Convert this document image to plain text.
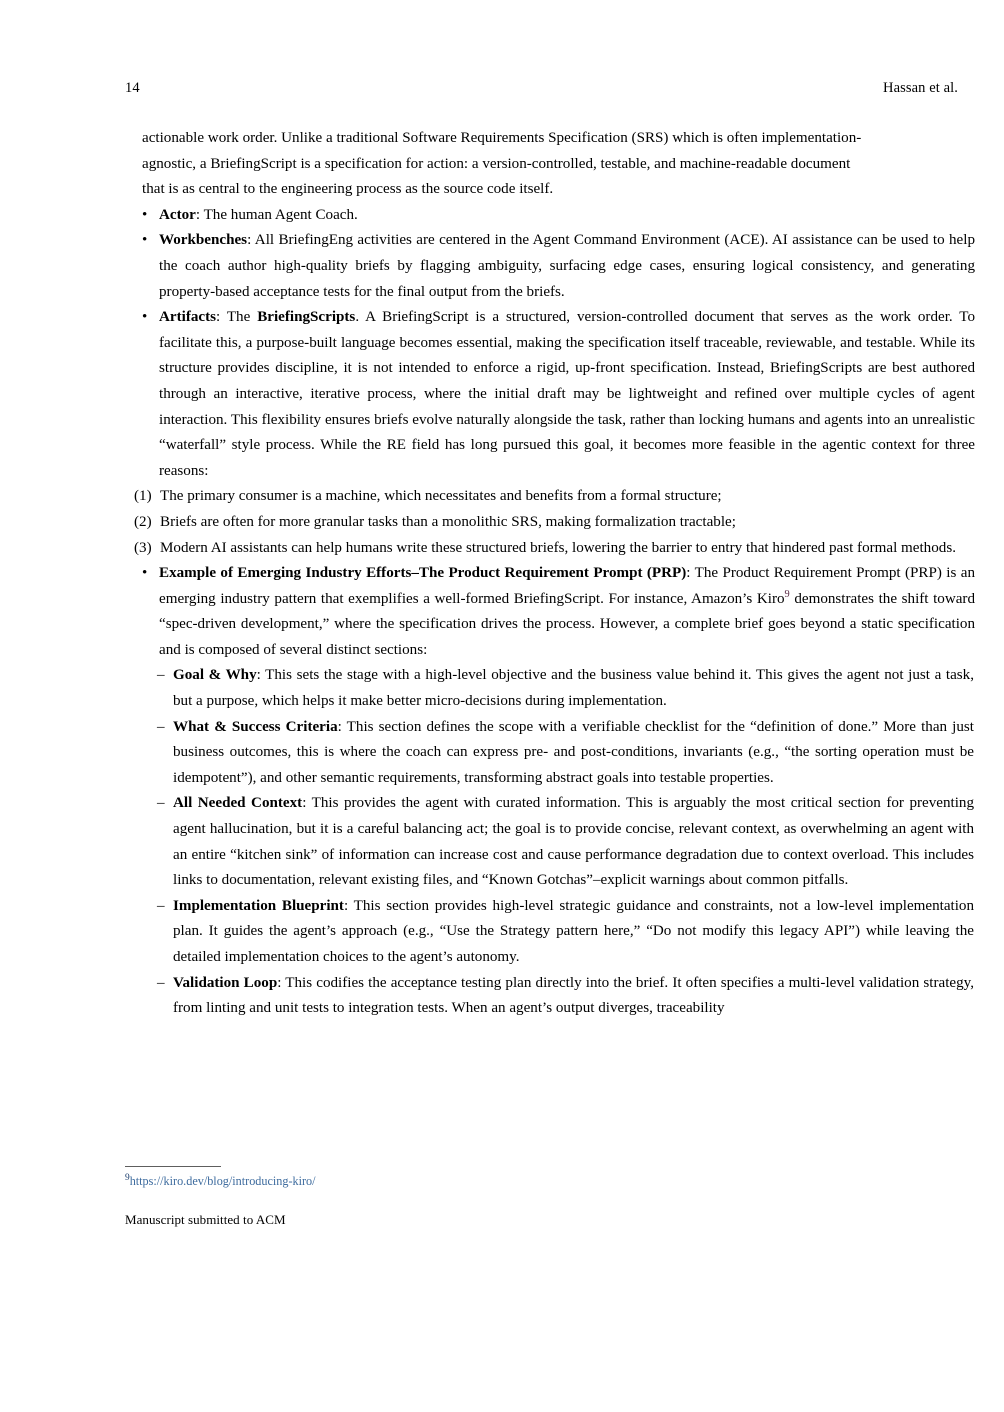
14	Hassan et al.
actionable work order. Unlike a traditional Software Requirements Specification (SRS) which is often implementation-
agnostic, a BriefingScript is a specification for action: a version-controlled, testable, and machine-readable document
that is as central to the engineering process as the source code itself.
•
Actor: The human Agent Coach.
•
Workbenches: All BriefingEng activities are centered in the Agent Command Environment (ACE). AI assistance can be used to help the coach author high-quality briefs by flagging ambiguity, surfacing edge cases, ensuring logical consistency, and generating property-based acceptance tests for the final output from the briefs.
•
Artifacts: The BriefingScripts. A BriefingScript is a structured, version-controlled document that serves as the work order. To facilitate this, a purpose-built language becomes essential, making the specification itself traceable, reviewable, and testable. While its structure provides discipline, it is not intended to enforce a rigid, up-front specification. Instead, BriefingScripts are best authored through an interactive, iterative process, where the initial draft may be lightweight and refined over multiple cycles of agent interaction. This flexibility ensures briefs evolve naturally alongside the task, rather than locking humans and agents into an unrealistic “waterfall” style process. While the RE field has long pursued this goal, it becomes more feasible in the agentic context for three reasons:
(1) The primary consumer is a machine, which necessitates and benefits from a formal structure;
(2) Briefs are often for more granular tasks than a monolithic SRS, making formalization tractable;
(3) Modern AI assistants can help humans write these structured briefs, lowering the barrier to entry that hindered past formal methods.
•
Example of Emerging Industry Efforts–The Product Requirement Prompt (PRP): The Product Requirement Prompt (PRP) is an emerging industry pattern that exemplifies a well-formed BriefingScript. For instance, Amazon’s Kiro$^9$ demonstrates the shift toward “spec-driven development,” where the specification drives the process. However, a complete brief goes beyond a static specification and is composed of several distinct sections:
– Goal & Why: This sets the stage with a high-level objective and the business value behind it. This gives the agent not just a task, but a purpose, which helps it make better micro-decisions during implementation.
– What & Success Criteria: This section defines the scope with a verifiable checklist for the “definition of done.” More than just business outcomes, this is where the coach can express pre- and post-conditions, invariants (e.g., “the sorting operation must be idempotent”), and other semantic requirements, transforming abstract goals into testable properties.
– All Needed Context: This provides the agent with curated information. This is arguably the most critical section for preventing agent hallucination, but it is a careful balancing act; the goal is to provide concise, relevant context, as overwhelming an agent with an entire “kitchen sink” of information can increase cost and cause performance degradation due to context overload. This includes links to documentation, relevant existing files, and “Known Gotchas”–explicit warnings about common pitfalls.
– Implementation Blueprint: This section provides high-level strategic guidance and constraints, not a low-level implementation plan. It guides the agent’s approach (e.g., “Use the Strategy pattern here,” “Do not modify this legacy API”) while leaving the detailed implementation choices to the agent’s autonomy.
– Validation Loop: This codifies the acceptance testing plan directly into the brief. It often specifies a multi-level validation strategy, from linting and unit tests to integration tests. When an agent’s output diverges, traceability
$^9$https://kiro.dev/blog/introducing-kiro/
Manuscript submitted to ACM
